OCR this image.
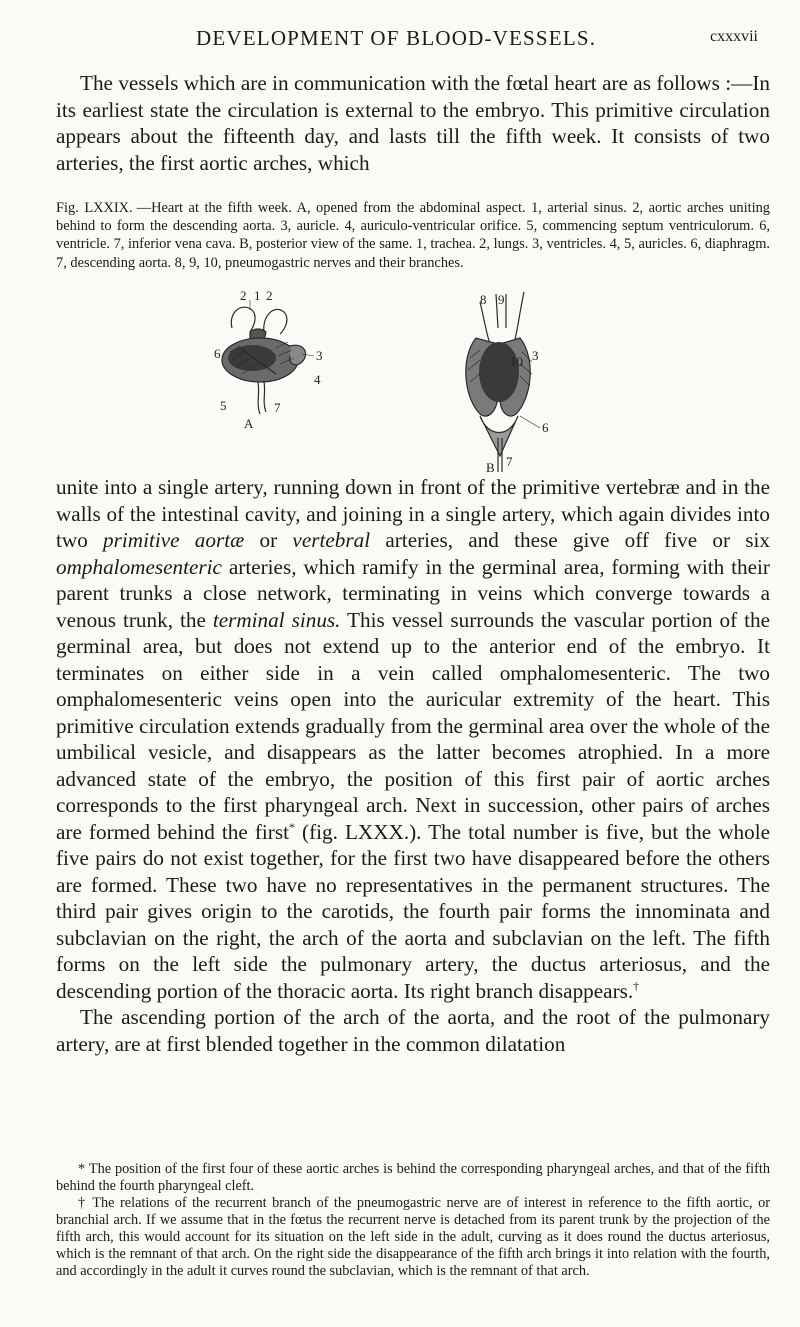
DEVELOPMENT OF BLOOD-VESSELS.	cxxxvii

The vessels which are in communication with the fœtal heart are as follows :—In its earliest state the circulation is external to the embryo. This primitive circulation appears about the fifteenth day, and lasts till the fifth week. It consists of two arteries, the first aortic arches, which

Fig. LXXIX. —Heart at the fifth week. A, opened from the abdominal aspect. 1, arterial sinus. 2, aortic arches uniting behind to form the descending aorta. 3, auricle. 4, auriculo-ventricular orifice. 5, commencing septum ventriculorum. 6, ventricle. 7, inferior vena cava. B, posterior view of the same. 1, trachea. 2, lungs. 3, ventricles. 4, 5, auricles. 6, diaphragm. 7, descending aorta. 8, 9, 10, pneumogastric nerves and their branches.
2 1 2
6	3
4
5	7
A
8 9
10 3
6
7
B

unite into a single artery, running down in front of the primitive vertebræ and in the walls of the intestinal cavity, and joining in a single artery, which again divides into two primitive aortæ or vertebral arteries, and these give off five or six omphalomesenteric arteries, which ramify in the germinal area, forming with their parent trunks a close network, terminating in veins which converge towards a venous trunk, the terminal sinus. This vessel surrounds the vascular portion of the germinal area, but does not extend up to the anterior end of the embryo. It terminates on either side in a vein called omphalomesenteric. The two omphalomesenteric veins open into the auricular extremity of the heart. This primitive circulation extends gradually from the germinal area over the whole of the umbilical vesicle, and disappears as the latter becomes atrophied. In a more advanced state of the embryo, the position of this first pair of aortic arches corresponds to the first pharyngeal arch. Next in succession, other pairs of arches are formed behind the first* (fig. LXXX.). The total number is five, but the whole five pairs do not exist together, for the first two have disappeared before the others are formed. These two have no representatives in the permanent structures. The third pair gives origin to the carotids, the fourth pair forms the innominata and subclavian on the right, the arch of the aorta and subclavian on the left. The fifth forms on the left side the pulmonary artery, the ductus arteriosus, and the descending portion of the thoracic aorta. Its right branch disappears.†

The ascending portion of the arch of the aorta, and the root of the pulmonary artery, are at first blended together in the common dilatation

* The position of the first four of these aortic arches is behind the corresponding pharyngeal arches, and that of the fifth behind the fourth pharyngeal cleft.

† The relations of the recurrent branch of the pneumogastric nerve are of interest in reference to the fifth aortic, or branchial arch. If we assume that in the fœtus the recurrent nerve is detached from its parent trunk by the projection of the fifth arch, this would account for its situation on the left side in the adult, curving as it does round the ductus arteriosus, which is the remnant of that arch. On the right side the disappearance of the fifth arch brings it into relation with the fourth, and accordingly in the adult it curves round the subclavian, which is the remnant of that arch.
